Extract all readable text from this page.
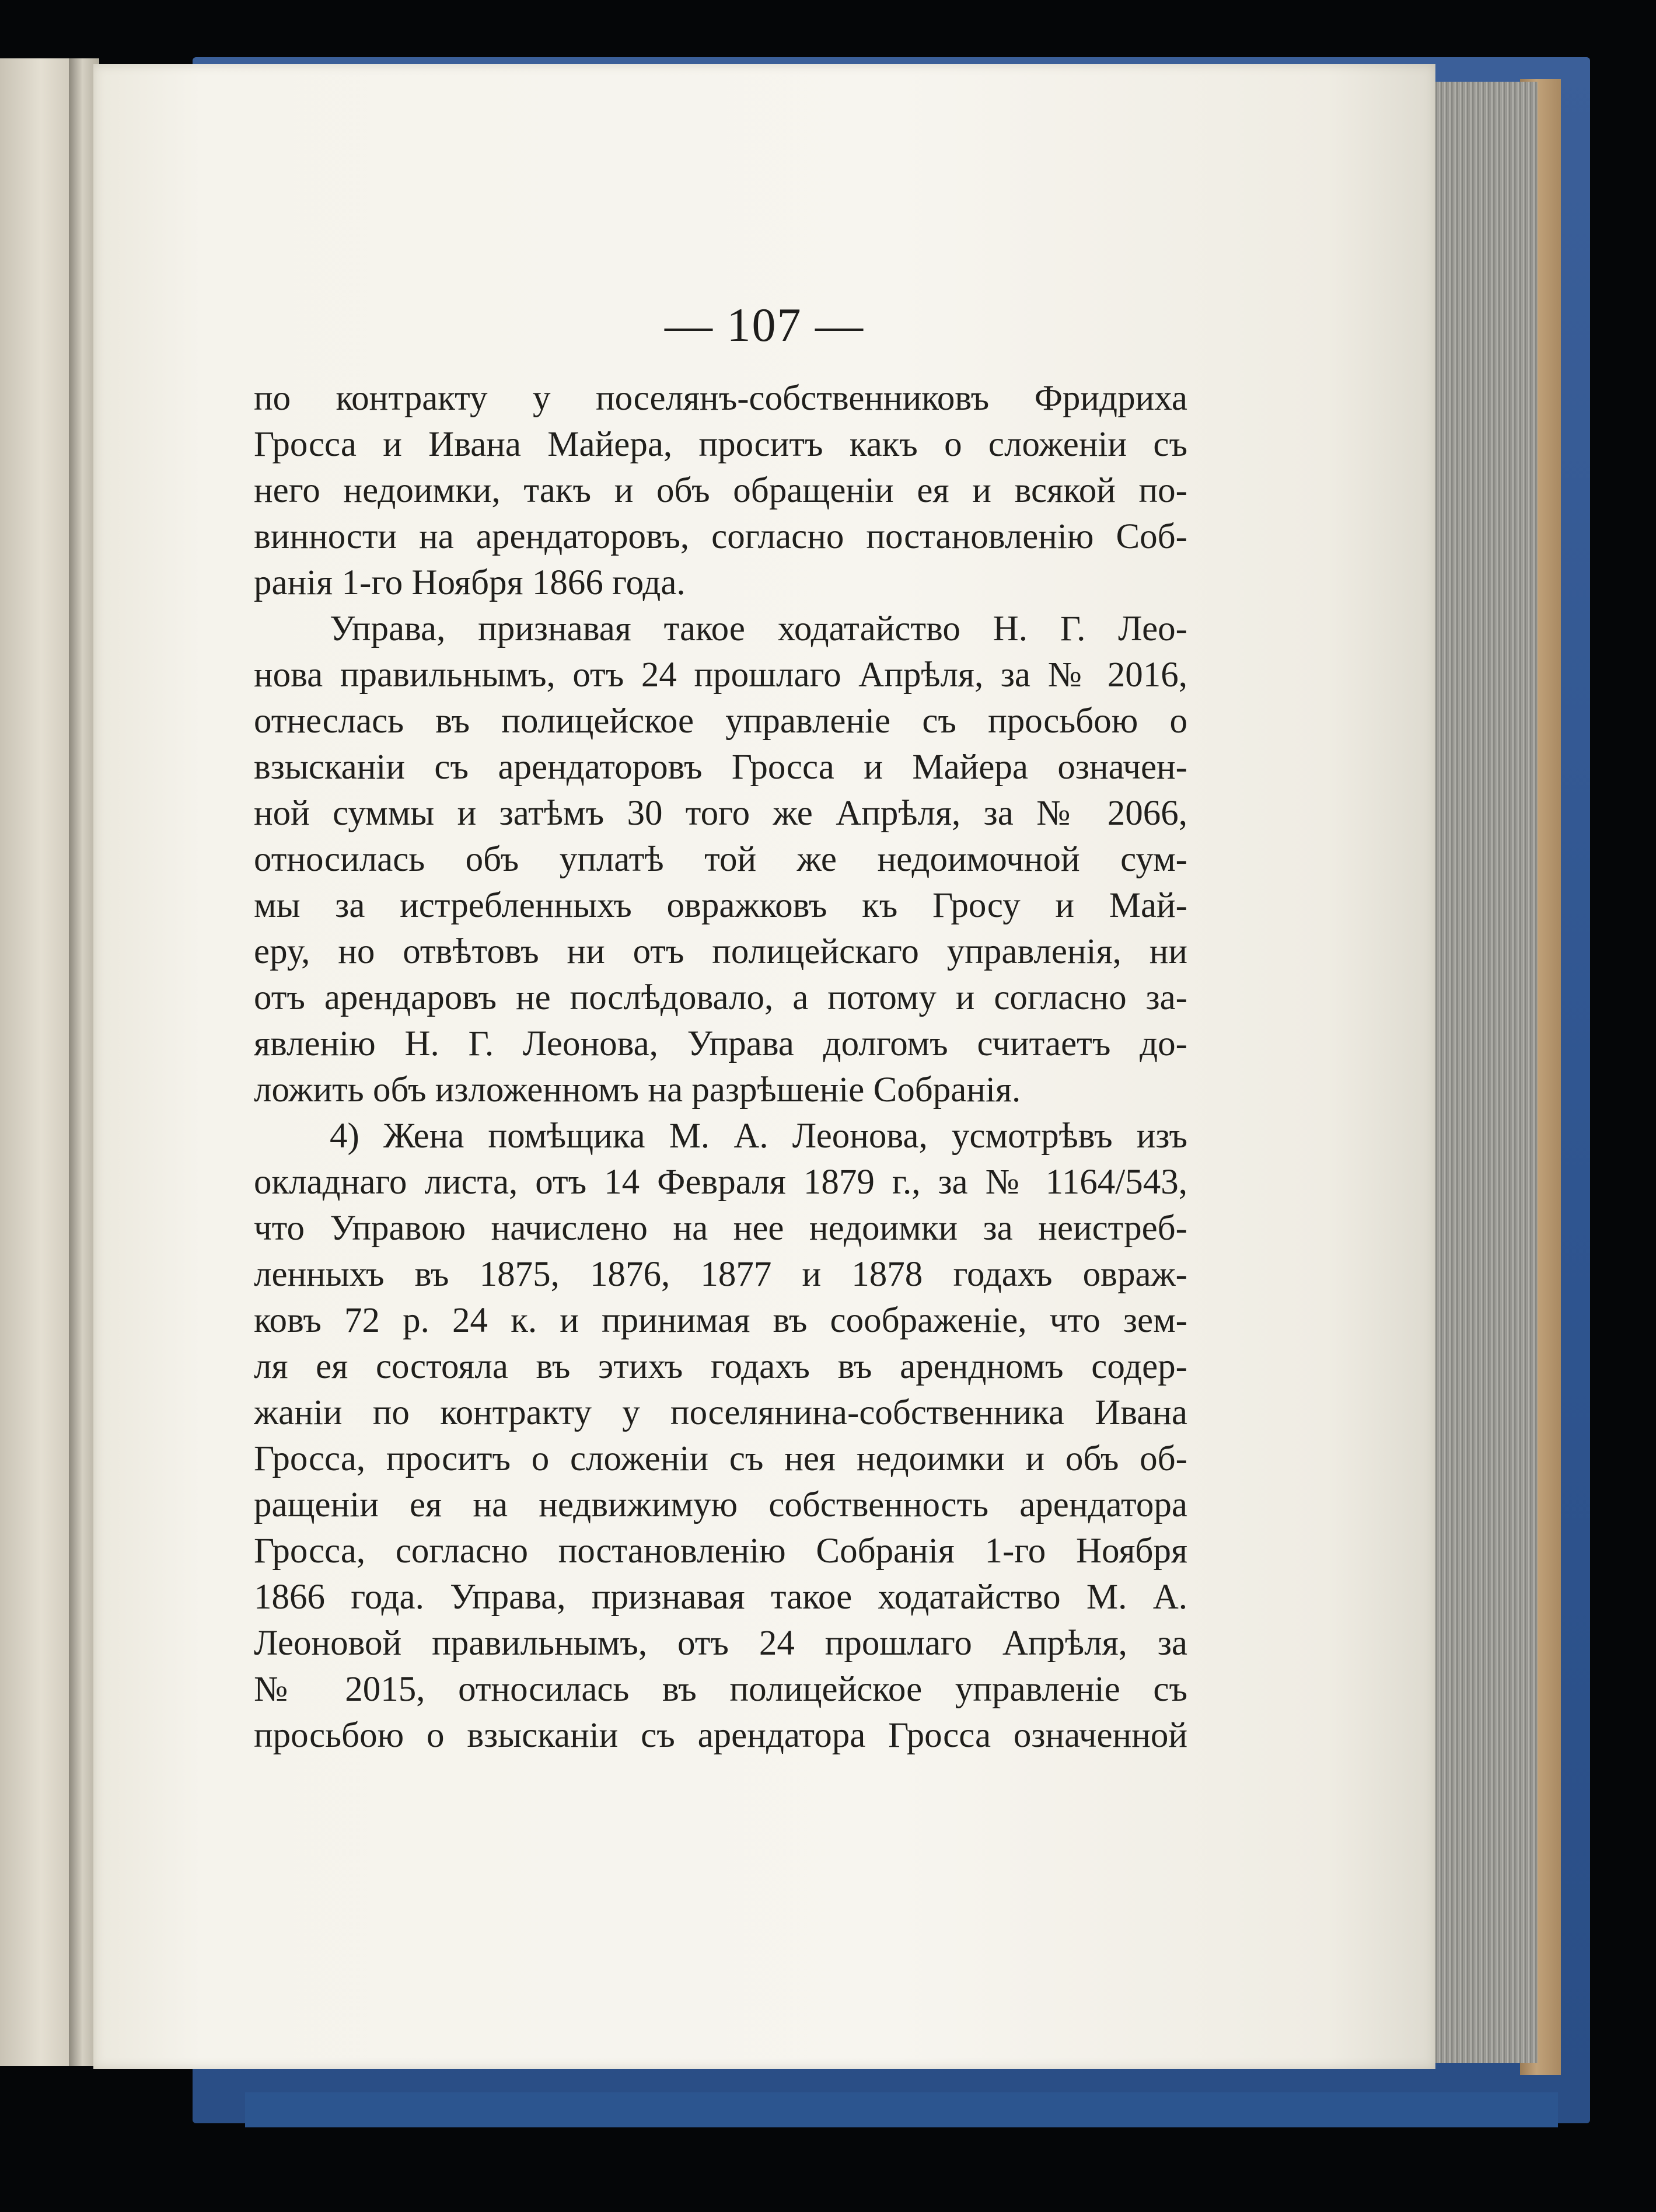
— 107 —
по контракту у поселянъ-собственниковъ Фридриха
Гросса и Ивана Майера, проситъ какъ о сложеніи съ
него недоимки, такъ и объ обращеніи ея и всякой по-
винности на арендаторовъ, согласно постановленію Соб-
ранія 1-го Ноября 1866 года.
Управа, признавая такое ходатайство Н. Г. Лео-
нова правильнымъ, отъ 24 прошлаго Апрѣля, за № 2016,
отнеслась въ полицейское управленіе съ просьбою о
взысканіи съ арендаторовъ Гросса и Майера означен-
ной суммы и затѣмъ 30 того же Апрѣля, за № 2066,
относилась объ уплатѣ той же недоимочной сум-
мы за истребленныхъ овражковъ къ Гросу и Май-
еру, но отвѣтовъ ни отъ полицейскаго управленія, ни
отъ арендаровъ не послѣдовало, а потому и согласно за-
явленію Н. Г. Леонова, Управа долгомъ считаетъ до-
ложить объ изложенномъ на разрѣшеніе Собранія.
4) Жена помѣщика М. А. Леонова, усмотрѣвъ изъ
окладнаго листа, отъ 14 Февраля 1879 г., за № 1164/543,
что Управою начислено на нее недоимки за неистреб-
ленныхъ въ 1875, 1876, 1877 и 1878 годахъ овраж-
ковъ 72 р. 24 к. и принимая въ соображеніе, что зем-
ля ея состояла въ этихъ годахъ въ арендномъ содер-
жаніи по контракту у поселянина-собственника Ивана
Гросса, проситъ о сложеніи съ нея недоимки и объ об-
ращеніи ея на недвижимую собственность арендатора
Гросса, согласно постановленію Собранія 1-го Ноября
1866 года. Управа, признавая такое ходатайство М. А.
Леоновой правильнымъ, отъ 24 прошлаго Апрѣля, за
№ 2015, относилась въ полицейское управленіе съ
просьбою о взысканіи съ арендатора Гросса означенной
